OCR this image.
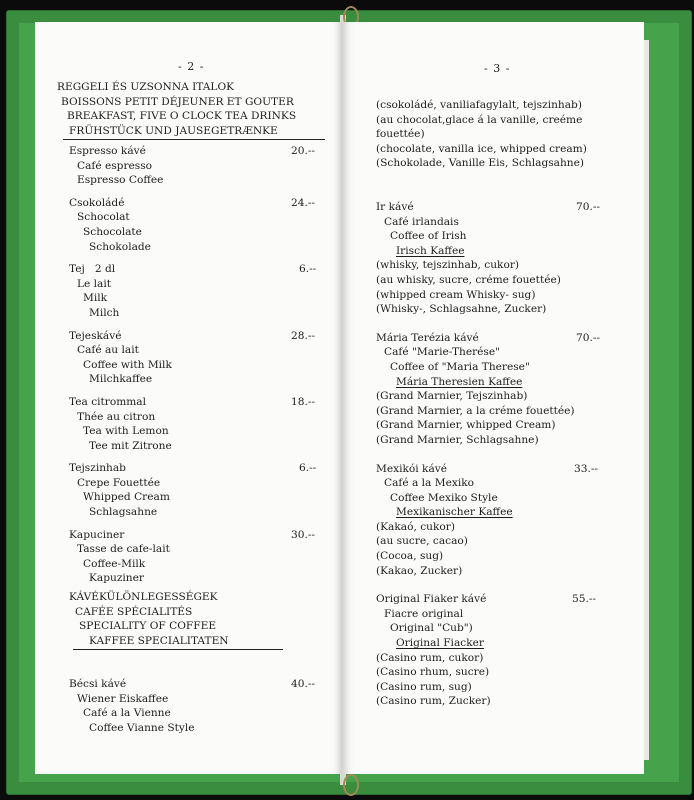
- 2 -
REGGELI ÉS UZSONNA ITALOK
BOISSONS PETIT DÉJEUNER ET GOUTER
BREAKFAST, FIVE O CLOCK TEA DRINKS
FRÜHSTÜCK UND JAUSEGETRÆNKE
Espresso kávé
Café espresso
Espresso Coffee
20.--
Csokoládé
Schocolat
Schocolate
Schokolade
24.--
Tej   2 dl
Le lait
Milk
Milch
6.--
Tejeskávé
Café au lait
Coffee with Milk
Milchkaffee
28.--
Tea citrommal
Thée au citron
Tea with Lemon
Tee mit Zitrone
18.--
Tejszinhab
Crepe Fouettée
Whipped Cream
Schlagsahne
6.--
Kapuciner
Tasse de cafe-lait
Coffee-Milk
Kapuziner
30.--
KÁVÉKÜLÖNLEGESSÉGEK
CAFÉE SPÉCIALITÉS
SPECIALITY OF COFFEE
KAFFEE SPECIALITATEN
Bécsi kávé
Wiener Eiskaffee
Café a la Vienne
Coffee Vianne Style
40.--
- 3 -
(csokoládé, vaniliafagylalt, tejszinhab)
(au chocolat,glace á la vanille, creéme
fouettée)
(chocolate, vanilla ice, whipped cream)
(Schokolade, Vanille Eis, Schlagsahne)
Ir kávé
Café irlandais
Coffee of Irish
Irisch Kaffee
(whisky, tejszinhab, cukor)
(au whisky, sucre, créme fouettée)
(whipped cream Whisky- sug)
(Whisky-, Schlagsahne, Zucker)
70.--
Mária Terézia kávé
Café "Marie-Therése"
Coffee of "Maria Therese"
Mária Theresien Kaffee
(Grand Marnier, Tejszinhab)
(Grand Marnier, a la créme fouettée)
(Grand Marnier, whipped Cream)
(Grand Marnier, Schlagsahne)
70.--
Mexikói kávé
Café a la Mexiko
Coffee Mexiko Style
Mexikanischer Kaffee
(Kakaó, cukor)
(au sucre, cacao)
(Cocoa, sug)
(Kakao, Zucker)
33.--
Original Fiaker kávé
Fiacre original
Original "Cub")
Original Fiacker
(Casino rum, cukor)
(Casino rhum, sucre)
(Casino rum, sug)
(Casino rum, Zucker)
55.--
